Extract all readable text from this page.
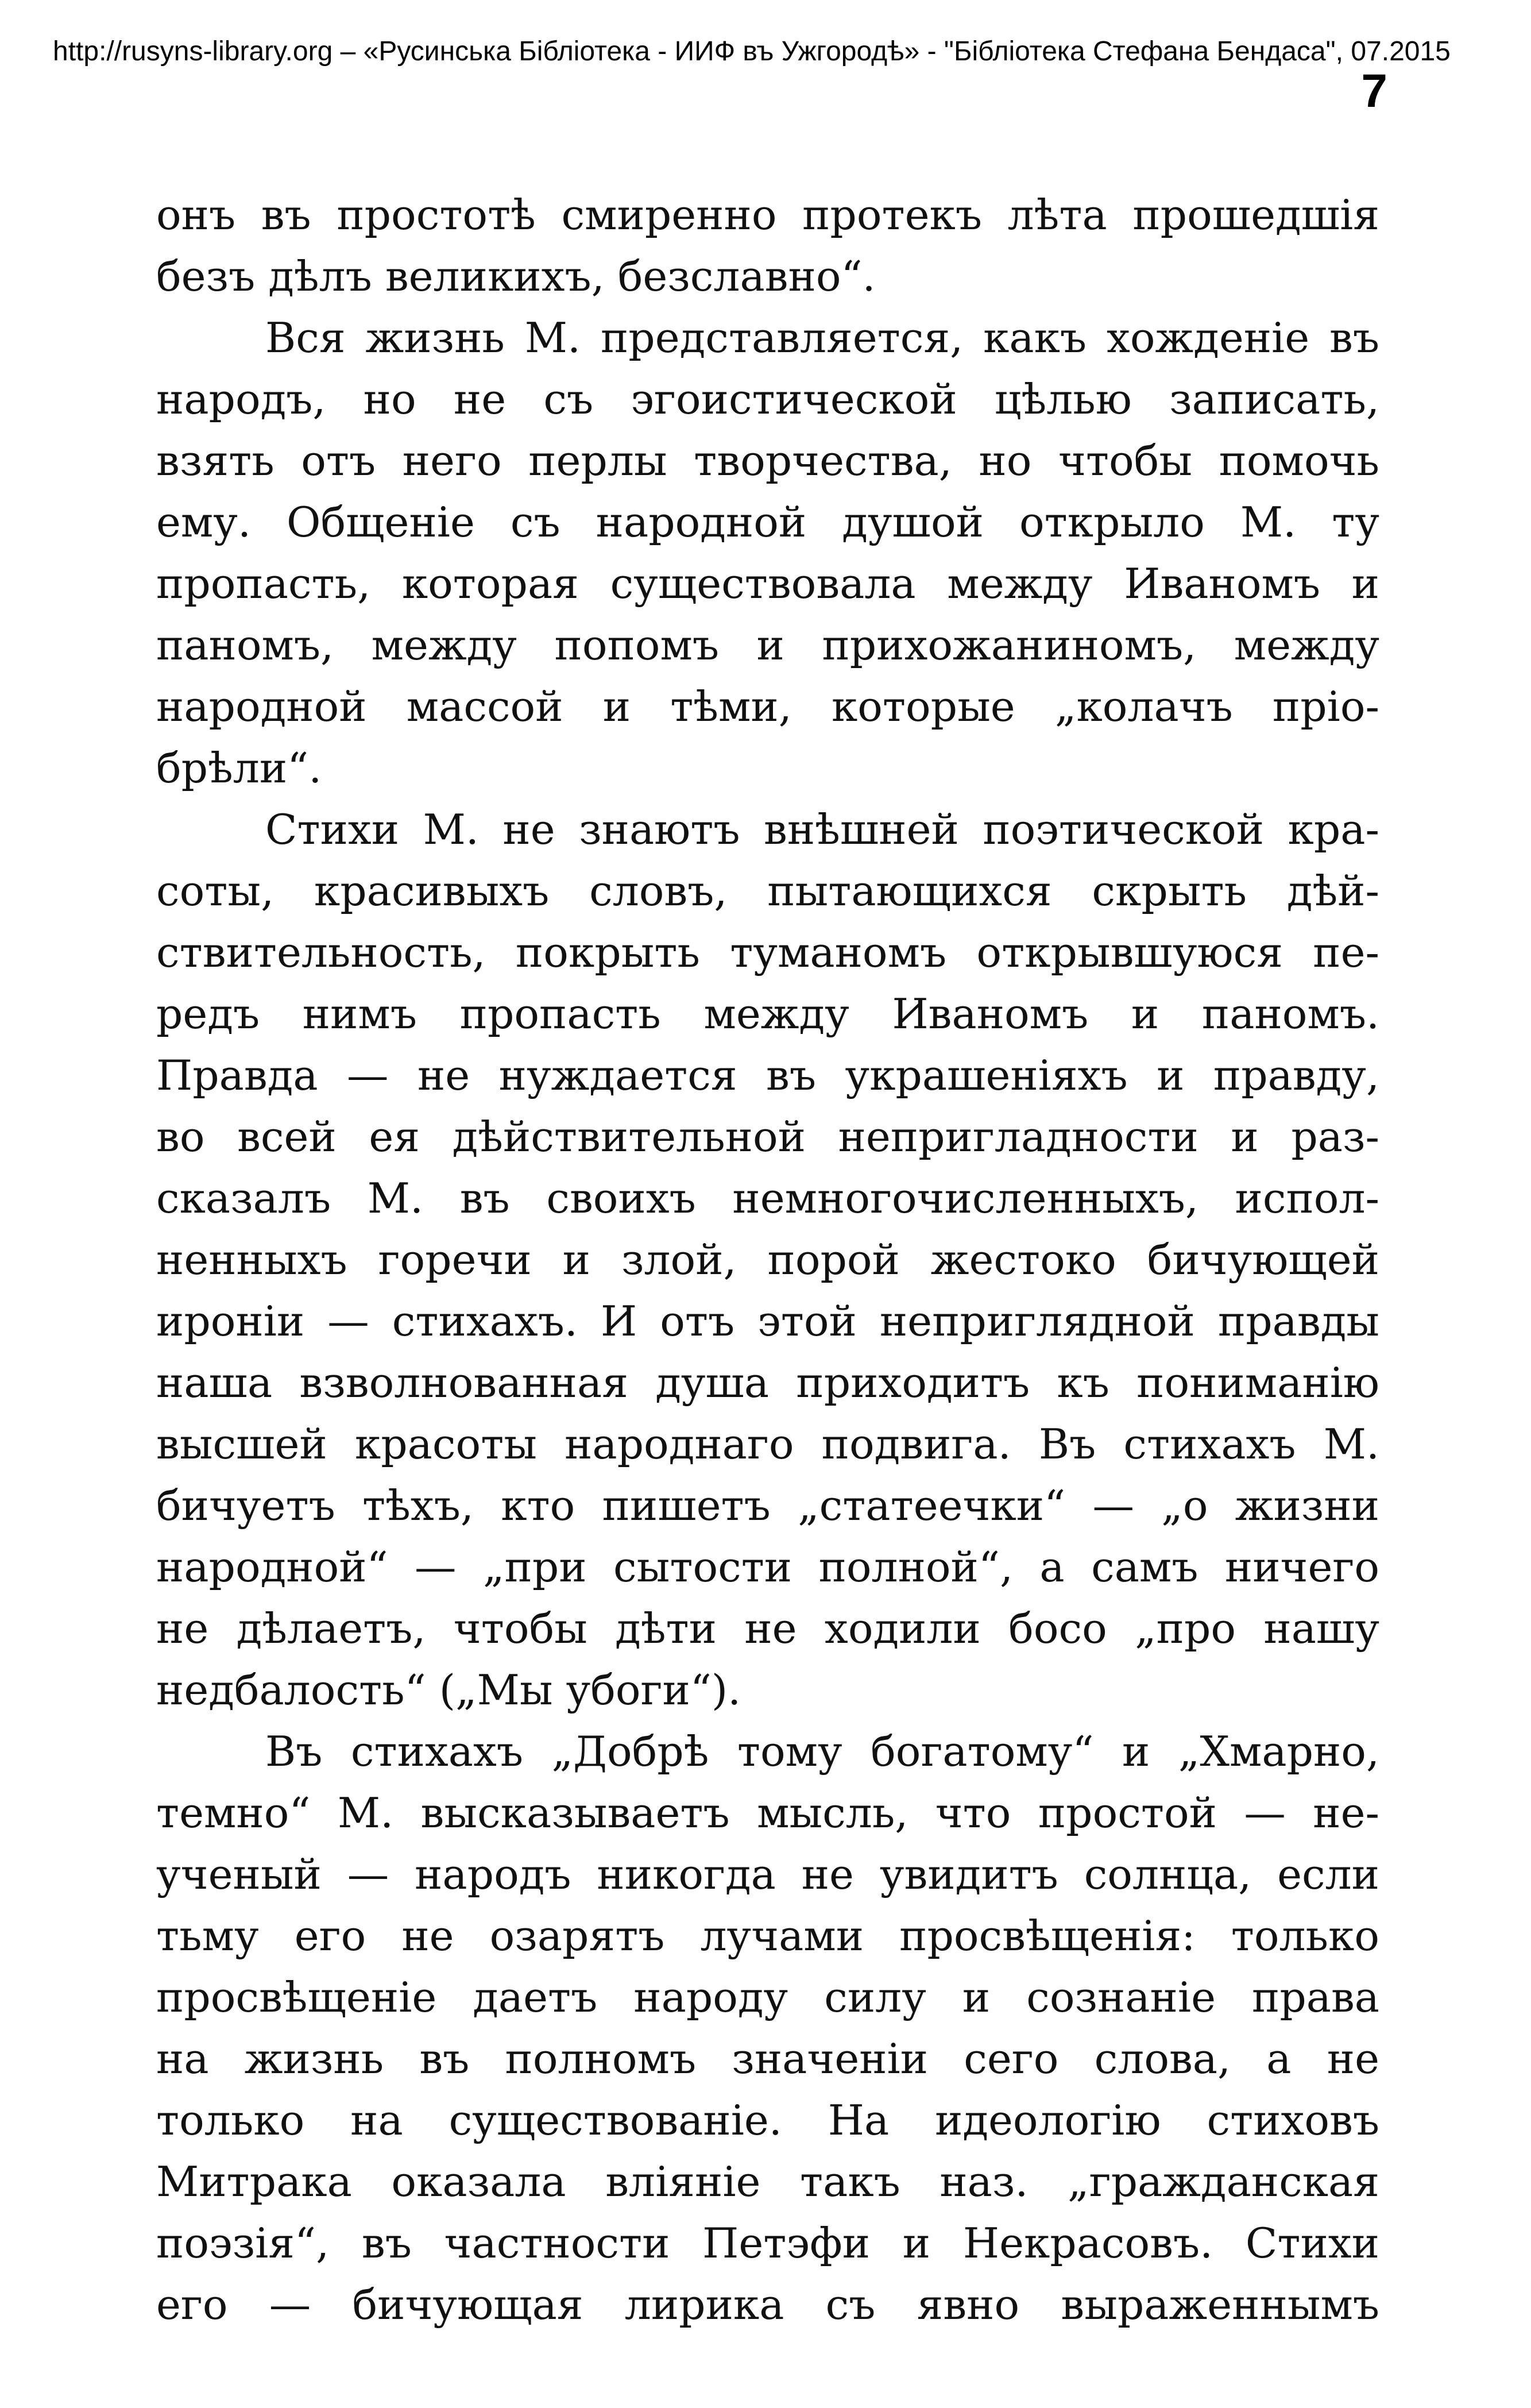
http://rusyns-library.org – «Русинська Бібліотека - ИИФ въ Ужгородѣ» - "Бібліотека Стефана Бендаса", 07.2015
7

онъ въ простотѣ смиренно протекъ лѣта прошедшія
безъ дѣлъ великихъ, безславно“.

Вся жизнь М. представляется, какъ хожденіе въ
народъ, но не съ эгоистической цѣлью записать,
взять отъ него перлы творчества, но чтобы помочь
ему. Общеніе съ народной душой открыло М. ту
пропасть, которая существовала между Иваномъ и
паномъ, между попомъ и прихожаниномъ, между
народной массой и тѣми, которые „колачъ прio-
брѣли“.

Стихи М. не знаютъ внѣшней поэтической кра-
соты, красивыхъ словъ, пытающихся скрыть дѣй-
ствительность, покрыть туманомъ открывшуюся пе-
редъ нимъ пропасть между Иваномъ и паномъ.
Правда — не нуждается въ украшеніяхъ и правду,
во всей ея дѣйствительной непригладности и раз-
сказалъ М. въ своихъ немногочисленныхъ, испол-
ненныхъ горечи и злой, порой жестоко бичующей
ироніи — стихахъ. И отъ этой неприглядной правды
наша взволнованная душа приходитъ къ пониманію
высшей красоты народнаго подвига. Въ стихахъ М.
бичуетъ тѣхъ, кто пишетъ „статеечки“ — „о жизни
народной“ — „при сытости полной“, а самъ ничего
не дѣлаетъ, чтобы дѣти не ходили босо „про нашу
недбалость“ („Мы убоги“).

Въ стихахъ „Добрѣ тому богатому“ и „Хмарно,
темно“ М. высказываетъ мысль, что простой — не-
ученый — народъ никогда не увидитъ солнца, если
тьму его не озарятъ лучами просвѣщенія: только
просвѣщеніе даетъ народу силу и сознаніе права
на жизнь въ полномъ значеніи сего слова, а не
только на существованіе. На идеологію стиховъ
Митрака оказала вліяніе такъ наз. „гражданская
поэзія“, въ частности Петэфи и Некрасовъ. Стихи
его — бичующая лирика съ явно выраженнымъ
